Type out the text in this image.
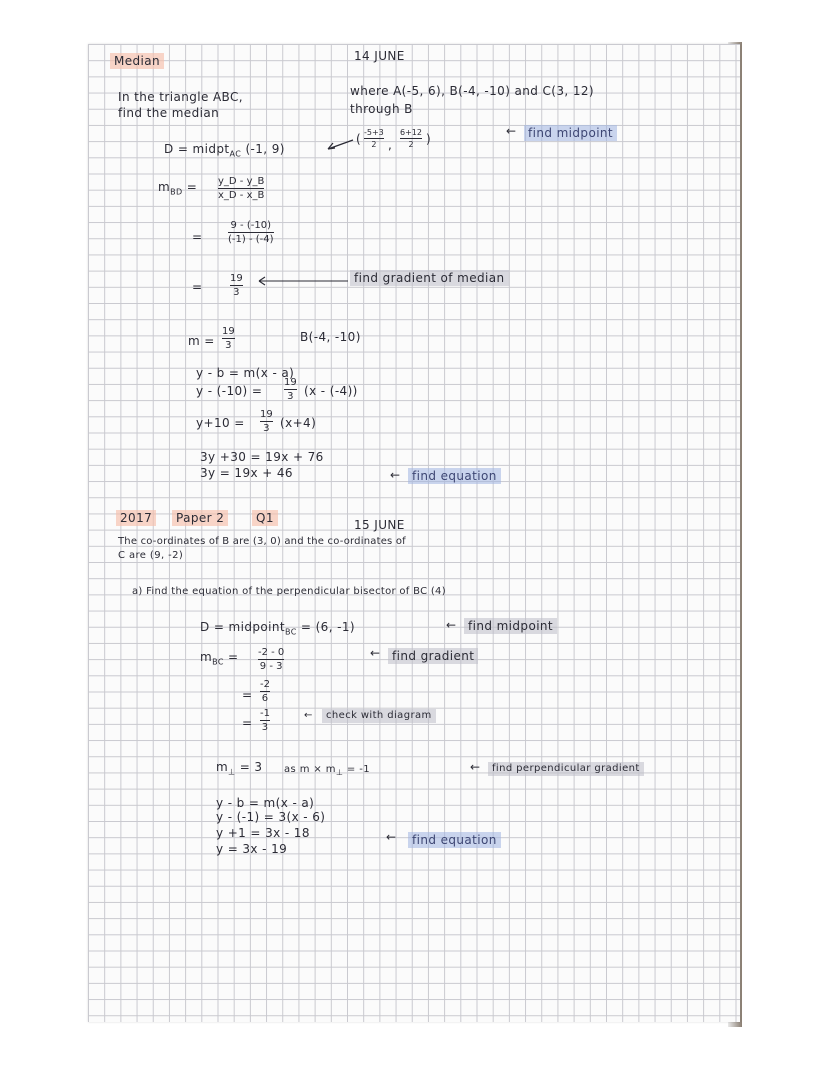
Median	14 JUNE
In the triangle ABC,	where A(-5, 6), B(-4, -10) and C(3, 12)
find the median	through B
D = midpt$_{AC}$ (-1, 9)
( -5+3
2 ,
6+12
2 )
← find midpoint
$m_{BD}$ = y_D - y_B
x_D - x_B
=
9 - (-10)
(-1) - (-4)
=
19
3
find gradient of median
m =
19
3
B(-4, -10)
y - b = m(x - a)
y - (-10) =
19
3 (x - (-4))
y+10 =
19
3 (x+4)
3y +30 = 19x + 76
3y = 19x + 46	← find equation
2017	Paper 2	Q1	15 JUNE
The co-ordinates of B are (3, 0) and the co-ordinates of
C are (9, -2)
a) Find the equation of the perpendicular bisector of BC (4)
D = midpoint$_{BC}$ = (6, -1)	← find midpoint
$m_{BC} = -2 - 0$
9 - 3
← find gradient
=
-2
6
=
-1
3
←	check with diagram
$m_\perp = 3$ as $m \times m_\perp = -1$	←	find perpendicular gradient
y - b = m(x - a)
y - (-1) = 3(x - 6)
y +1 = 3x - 18
y = 3x - 19
←	find equation
